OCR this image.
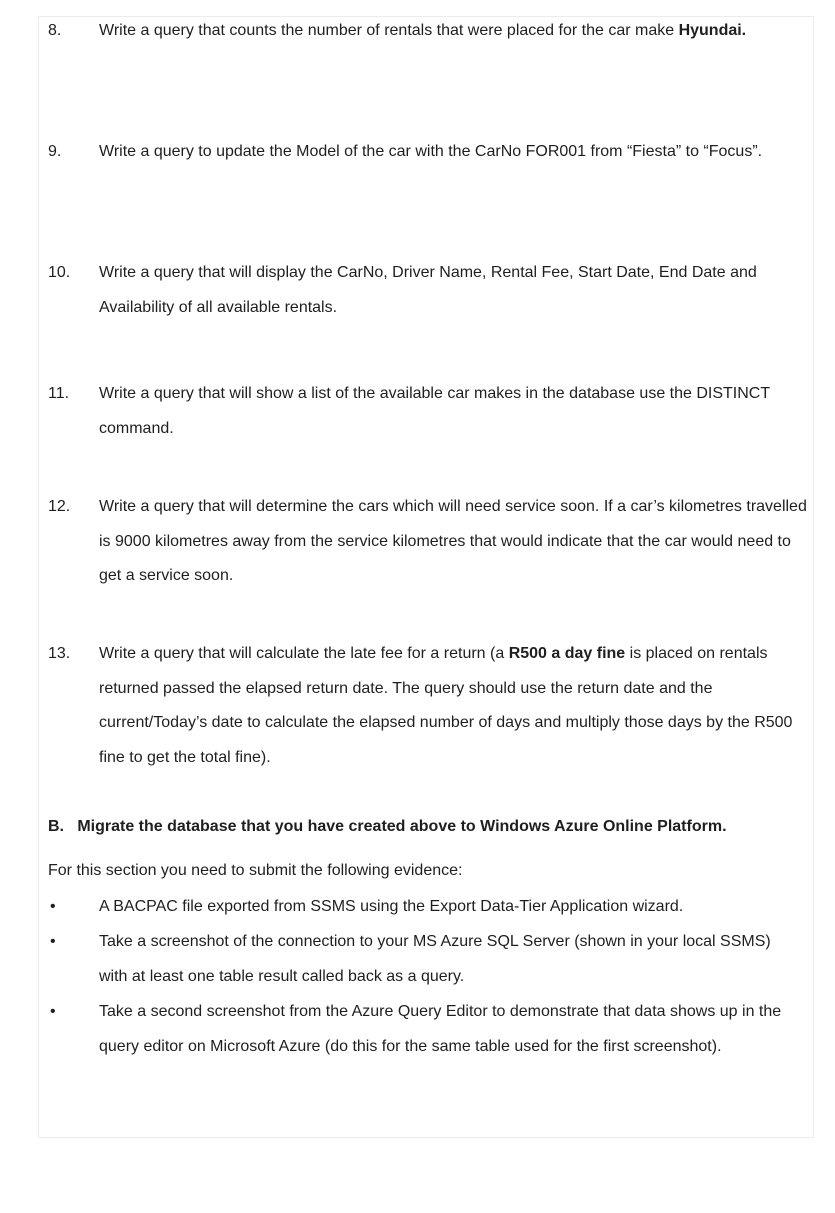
8. Write a query that counts the number of rentals that were placed for the car make Hyundai.
9. Write a query to update the Model of the car with the CarNo FOR001 from “Fiesta” to “Focus”.
10. Write a query that will display the CarNo, Driver Name, Rental Fee, Start Date, End Date and Availability of all available rentals.
11. Write a query that will show a list of the available car makes in the database use the DISTINCT command.
12. Write a query that will determine the cars which will need service soon. If a car’s kilometres travelled is 9000 kilometres away from the service kilometres that would indicate that the car would need to get a service soon.
13. Write a query that will calculate the late fee for a return (a R500 a day fine is placed on rentals returned passed the elapsed return date. The query should use the return date and the current/Today’s date to calculate the elapsed number of days and multiply those days by the R500 fine to get the total fine).
B.   Migrate the database that you have created above to Windows Azure Online Platform.
For this section you need to submit the following evidence:
•	A BACPAC file exported from SSMS using the Export Data-Tier Application wizard.
•	Take a screenshot of the connection to your MS Azure SQL Server (shown in your local SSMS) with at least one table result called back as a query.
•	Take a second screenshot from the Azure Query Editor to demonstrate that data shows up in the query editor on Microsoft Azure (do this for the same table used for the first screenshot).
